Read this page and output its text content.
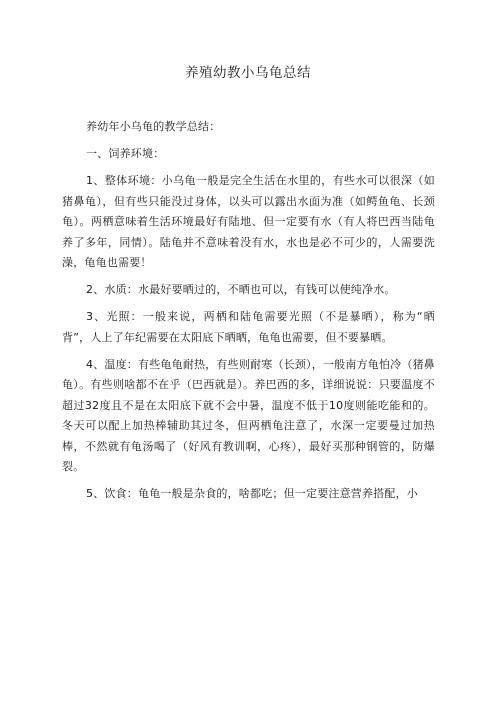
养殖幼教小乌龟总结

养幼年小乌龟的教学总结：

一、饲养环境：

1、整体环境：小乌龟一般是完全生活在水里的，有些水可以很深（如猪鼻龟），但有些只能没过身体，以头可以露出水面为准（如鳄鱼龟、长颈龟）。两栖意味着生活环境最好有陆地、但一定要有水（有人将巴西当陆龟养了多年，同情）。陆龟并不意味着没有水，水也是必不可少的，人需要洗澡，龟龟也需要！

2、水质：水最好要晒过的，不晒也可以，有钱可以使纯净水。

3、光照：一般来说，两栖和陆龟需要光照（不是暴晒），称为“晒背”，人上了年纪需要在太阳底下晒晒，龟龟也需要，但不要暴晒。

4、温度：有些龟龟耐热，有些则耐寒（长颈），一般南方龟怕冷（猪鼻龟）。有些则啥都不在乎（巴西就是）。养巴西的多，详细说说：只要温度不超过32度且不是在太阳底下就不会中暑，温度不低于10度则能吃能和的。冬天可以配上加热棒辅助其过冬，但两栖龟注意了，水深一定要曼过加热棒，不然就有龟汤喝了（好风有教训啊，心疼），最好买那种钢管的，防爆裂。

5、饮食：龟龟一般是杂食的，啥都吃；但一定要注意营养搭配，小
